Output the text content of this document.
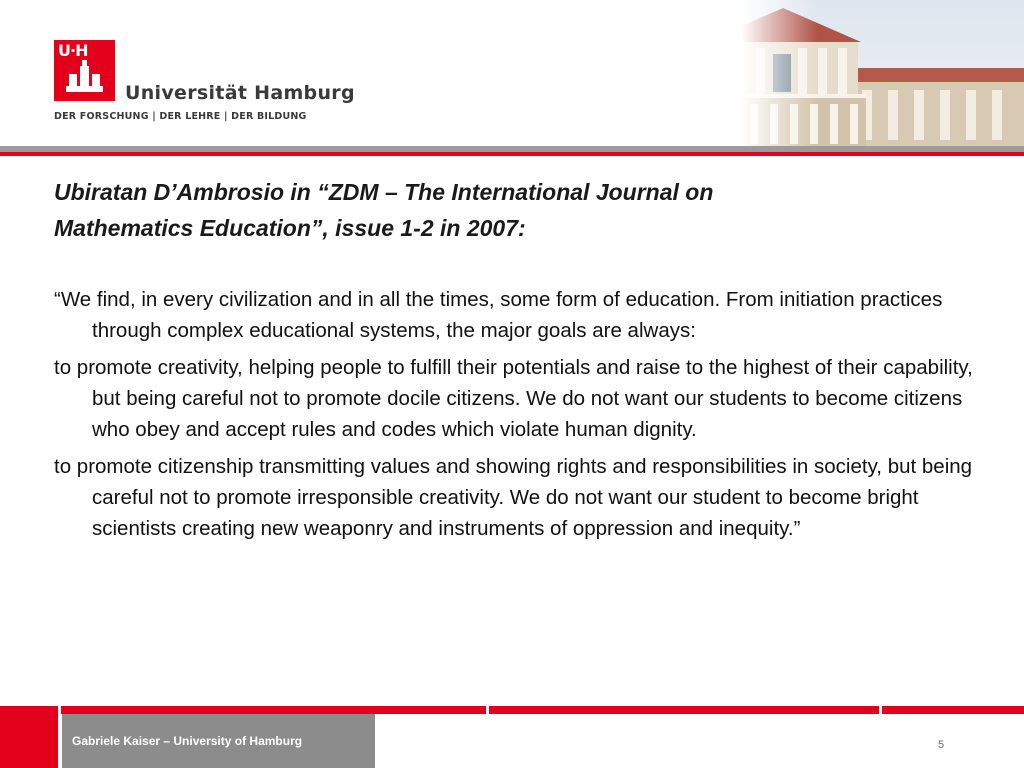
U·H
Universität Hamburg
DER FORSCHUNG | DER LEHRE | DER BILDUNG
Ubiratan D’Ambrosio in “ZDM – The International Journal on
Mathematics Education”, issue 1-2 in 2007:

“We find, in every civilization and in all the times, some form of education. From initiation practices through complex educational systems, the major goals are always:

to promote creativity, helping people to fulfill their potentials and raise to the highest of their capability, but being careful not to promote docile citizens. We do not want our students to become citizens who obey and accept rules and codes which violate human dignity.

to promote citizenship transmitting values and showing rights and responsibilities in society, but being careful not to promote irresponsible creativity. We do not want our student to become bright scientists creating new weaponry and instruments of oppression and inequity.”

Gabriele Kaiser – University of Hamburg	5
